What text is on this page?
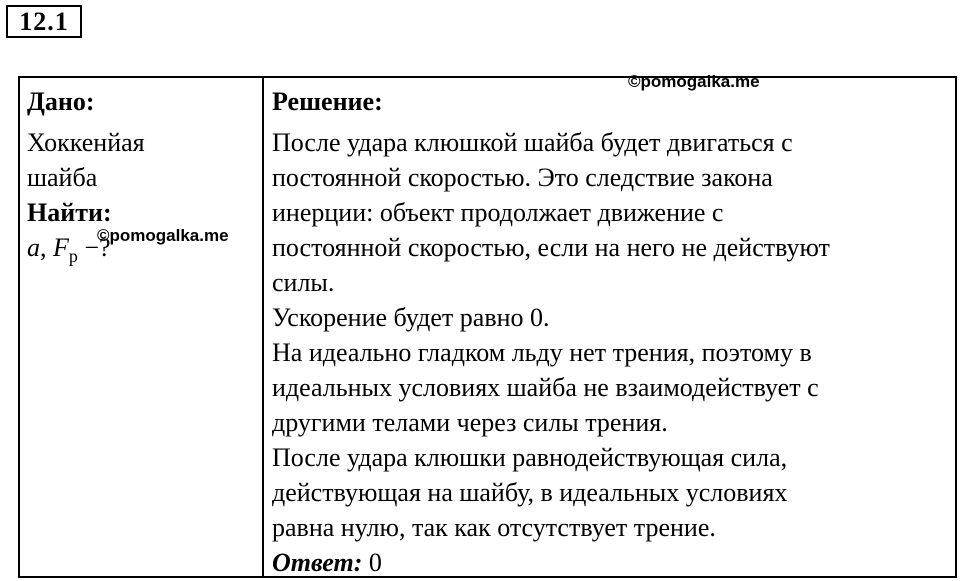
12.1
Дано:
Хоккенйая
шайба
Найти:
a, $F_р$ −?
Решение:
После удара клюшкой шайба будет двигаться с
постоянной скоростью. Это следствие закона
инерции: объект продолжает движение с
постоянной скоростью, если на него не действуют
силы.
Ускорение будет равно 0.
На идеально гладком льду нет трения, поэтому в
идеальных условиях шайба не взаимодействует с
другими телами через силы трения.
После удара клюшки равнодействующая сила,
действующая на шайбу, в идеальных условиях
равна нулю, так как отсутствует трение.
Ответ: 0
©pomogalka.me
©pomogalka.me
